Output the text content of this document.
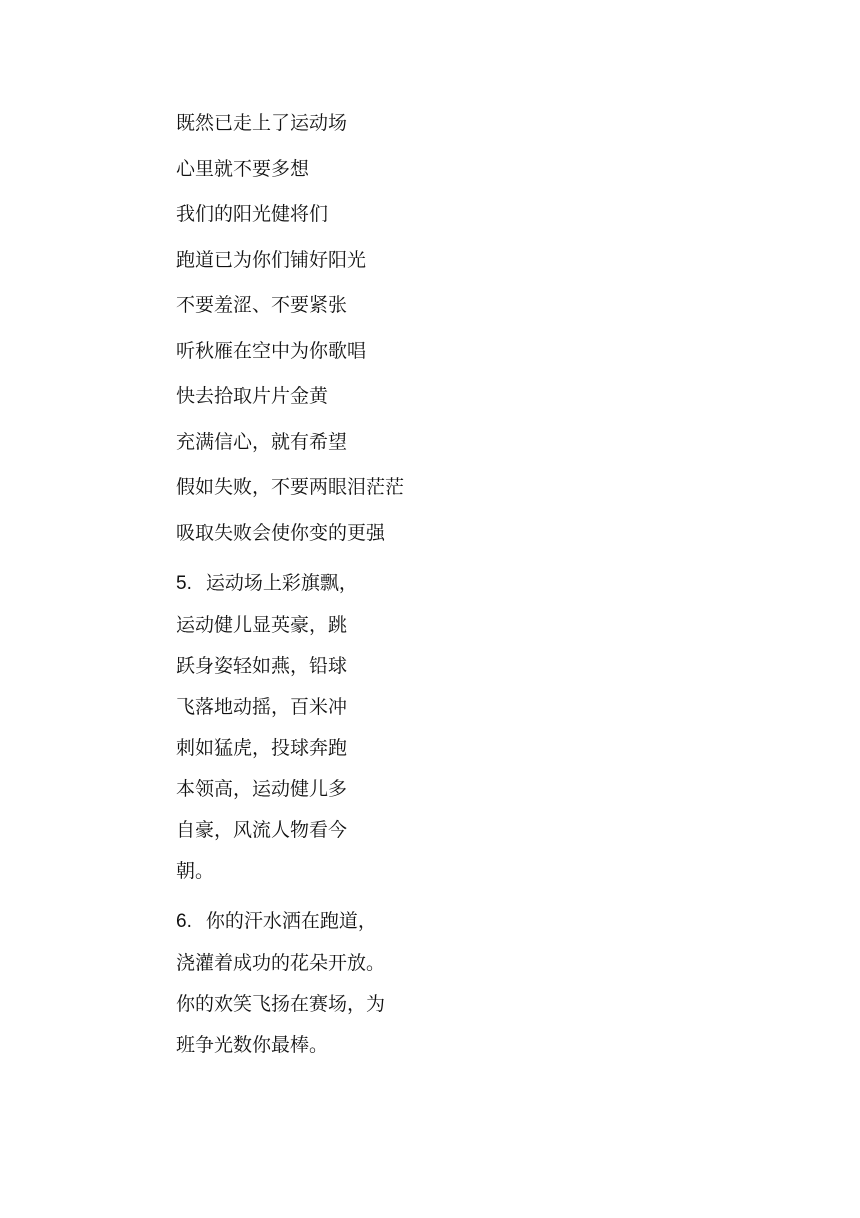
既然已走上了运动场
心里就不要多想
我们的阳光健将们
跑道已为你们铺好阳光
不要羞涩、不要紧张
听秋雁在空中为你歌唱
快去拾取片片金黄
充满信心，就有希望
假如失败，不要两眼泪茫茫
吸取失败会使你变的更强
5. 运动场上彩旗飘，
运动健儿显英豪，跳
跃身姿轻如燕，铅球
飞落地动摇，百米冲
刺如猛虎，投球奔跑
本领高，运动健儿多
自豪，风流人物看今
朝。
6. 你的汗水洒在跑道，
浇灌着成功的花朵开放。
你的欢笑飞扬在赛场，为
班争光数你最棒。
